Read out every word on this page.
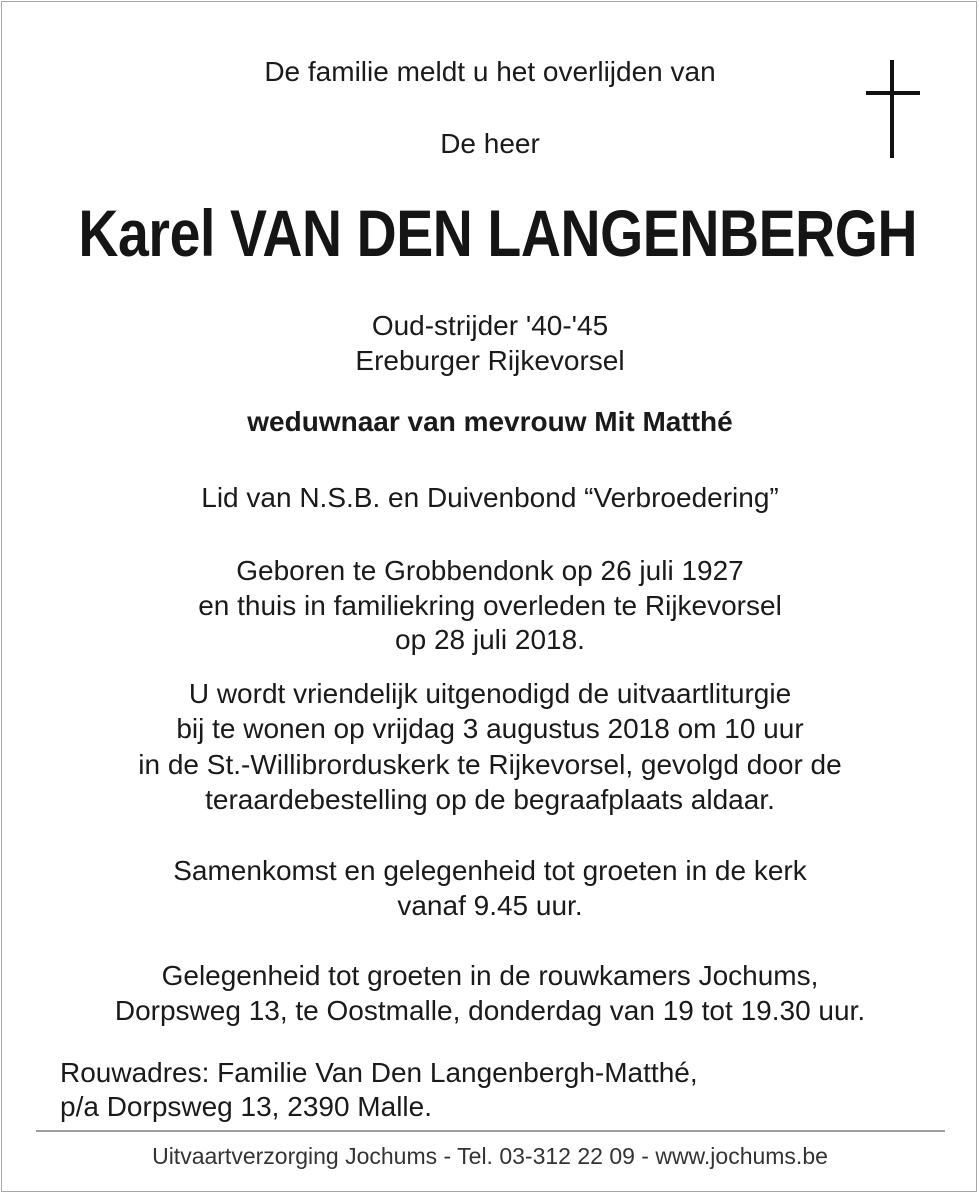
De familie meldt u het overlijden van
De heer
Karel VAN DEN LANGENBERGH
Oud-strijder '40-'45
Ereburger Rijkevorsel
weduwnaar van mevrouw Mit Matthé
Lid van N.S.B. en Duivenbond “Verbroedering”
Geboren te Grobbendonk op 26 juli 1927
en thuis in familiekring overleden te Rijkevorsel
op 28 juli 2018.
U wordt vriendelijk uitgenodigd de uitvaartliturgie
bij te wonen op vrijdag 3 augustus 2018 om 10 uur
in de St.-Willibrorduskerk te Rijkevorsel, gevolgd door de
teraardebestelling op de begraafplaats aldaar.
Samenkomst en gelegenheid tot groeten in de kerk
vanaf 9.45 uur.
Gelegenheid tot groeten in de rouwkamers Jochums,
Dorpsweg 13, te Oostmalle, donderdag van 19 tot 19.30 uur.
Rouwadres: Familie Van Den Langenbergh-Matthé,
p/a Dorpsweg 13, 2390 Malle.
Uitvaartverzorging Jochums - Tel. 03-312 22 09 - www.jochums.be
